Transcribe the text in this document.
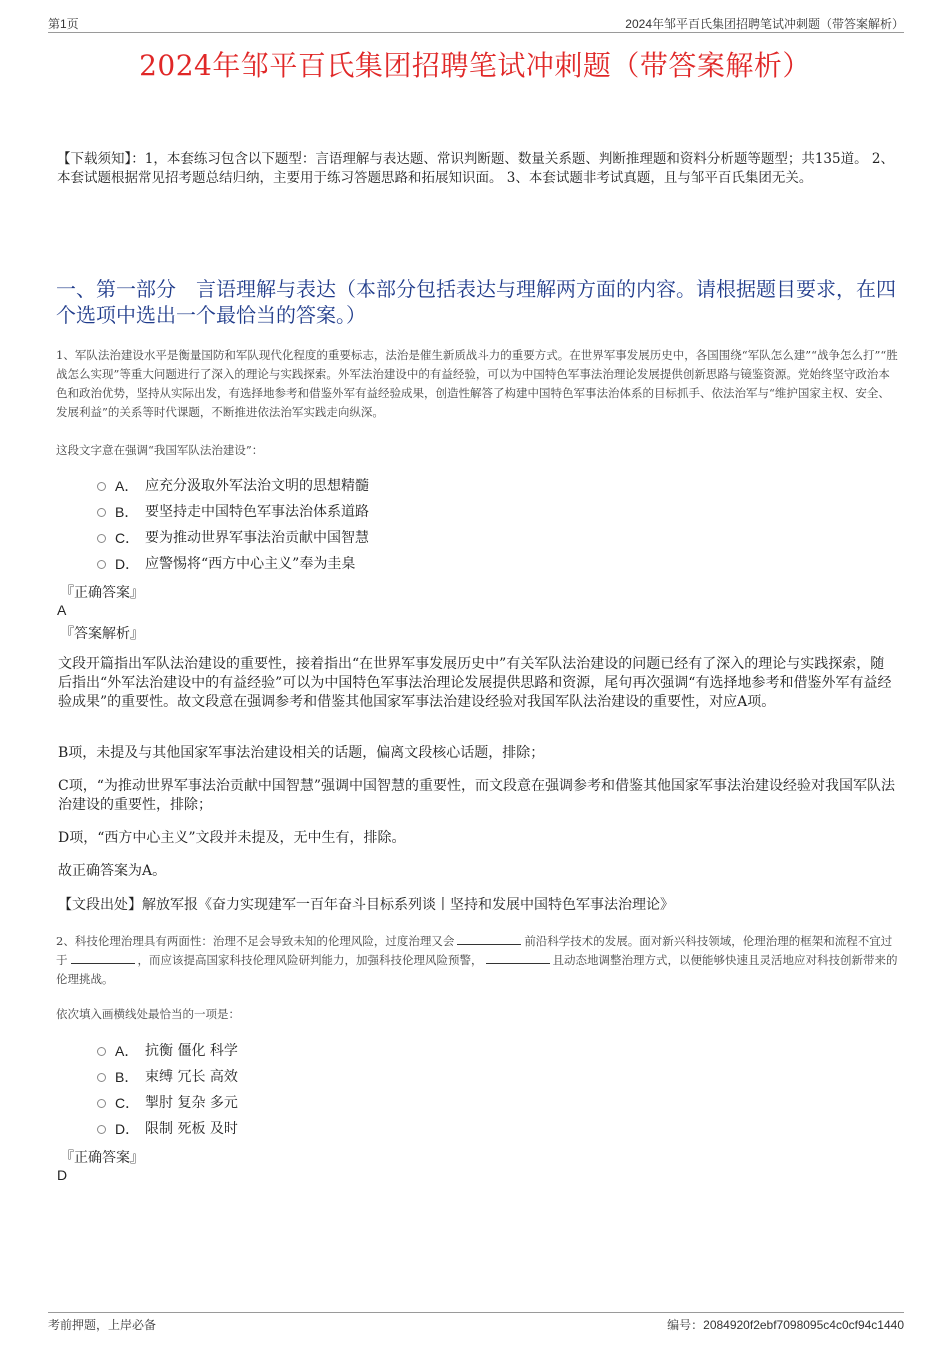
第1页	2024年邹平百氏集团招聘笔试冲刺题（带答案解析）
2024年邹平百氏集团招聘笔试冲刺题（带答案解析）
【下载须知】：1，本套练习包含以下题型：言语理解与表达题、常识判断题、数量关系题、判断推理题和资料分析题等题型；共135道。 2、本套试题根据常见招考题总结归纳，主要用于练习答题思路和拓展知识面。 3、本套试题非考试真题，且与邹平百氏集团无关。
一、第一部分　言语理解与表达（本部分包括表达与理解两方面的内容。请根据题目要求，在四个选项中选出一个最恰当的答案。）
1、军队法治建设水平是衡量国防和军队现代化程度的重要标志，法治是催生新质战斗力的重要方式。在世界军事发展历史中，各国围绕“军队怎么建”“战争怎么打”“胜战怎么实现”等重大问题进行了深入的理论与实践探索。外军法治建设中的有益经验，可以为中国特色军事法治理论发展提供创新思路与镜鉴资源。党始终坚守政治本色和政治优势，坚持从实际出发，有选择地参考和借鉴外军有益经验成果，创造性解答了构建中国特色军事法治体系的目标抓手、依法治军与“维护国家主权、安全、发展利益”的关系等时代课题，不断推进依法治军实践走向纵深。
这段文字意在强调“我国军队法治建设”：
A． 应充分汲取外军法治文明的思想精髓
B． 要坚持走中国特色军事法治体系道路
C． 要为推动世界军事法治贡献中国智慧
D． 应警惕将“西方中心主义”奉为圭臬
『正确答案』
A
『答案解析』
文段开篇指出军队法治建设的重要性，接着指出“在世界军事发展历史中”有关军队法治建设的问题已经有了深入的理论与实践探索，随后指出“外军法治建设中的有益经验”可以为中国特色军事法治理论发展提供思路和资源，尾句再次强调“有选择地参考和借鉴外军有益经验成果”的重要性。故文段意在强调参考和借鉴其他国家军事法治建设经验对我国军队法治建设的重要性，对应A项。
B项，未提及与其他国家军事法治建设相关的话题，偏离文段核心话题，排除；
C项，“为推动世界军事法治贡献中国智慧”强调中国智慧的重要性，而文段意在强调参考和借鉴其他国家军事法治建设经验对我国军队法治建设的重要性，排除；
D项，“西方中心主义”文段并未提及，无中生有，排除。
故正确答案为A。
【文段出处】解放军报《奋力实现建军一百年奋斗目标系列谈丨坚持和发展中国特色军事法治理论》
2、科技伦理治理具有两面性：治理不足会导致未知的伦理风险，过度治理又会	前沿科学技术的发展。面对新兴科技领域，伦理治理的框架和流程不宜过于	，而应该提高国家科技伦理风险研判能力，加强科技伦理风险预警，	且动态地调整治理方式，以便能够快速且灵活地应对科技创新带来的伦理挑战。
依次填入画横线处最恰当的一项是：
A． 抗衡 僵化 科学
B． 束缚 冗长 高效
C． 掣肘 复杂 多元
D． 限制 死板 及时
『正确答案』
D
考前押题，上岸必备	编号：2084920f2ebf7098095c4c0cf94c1440
